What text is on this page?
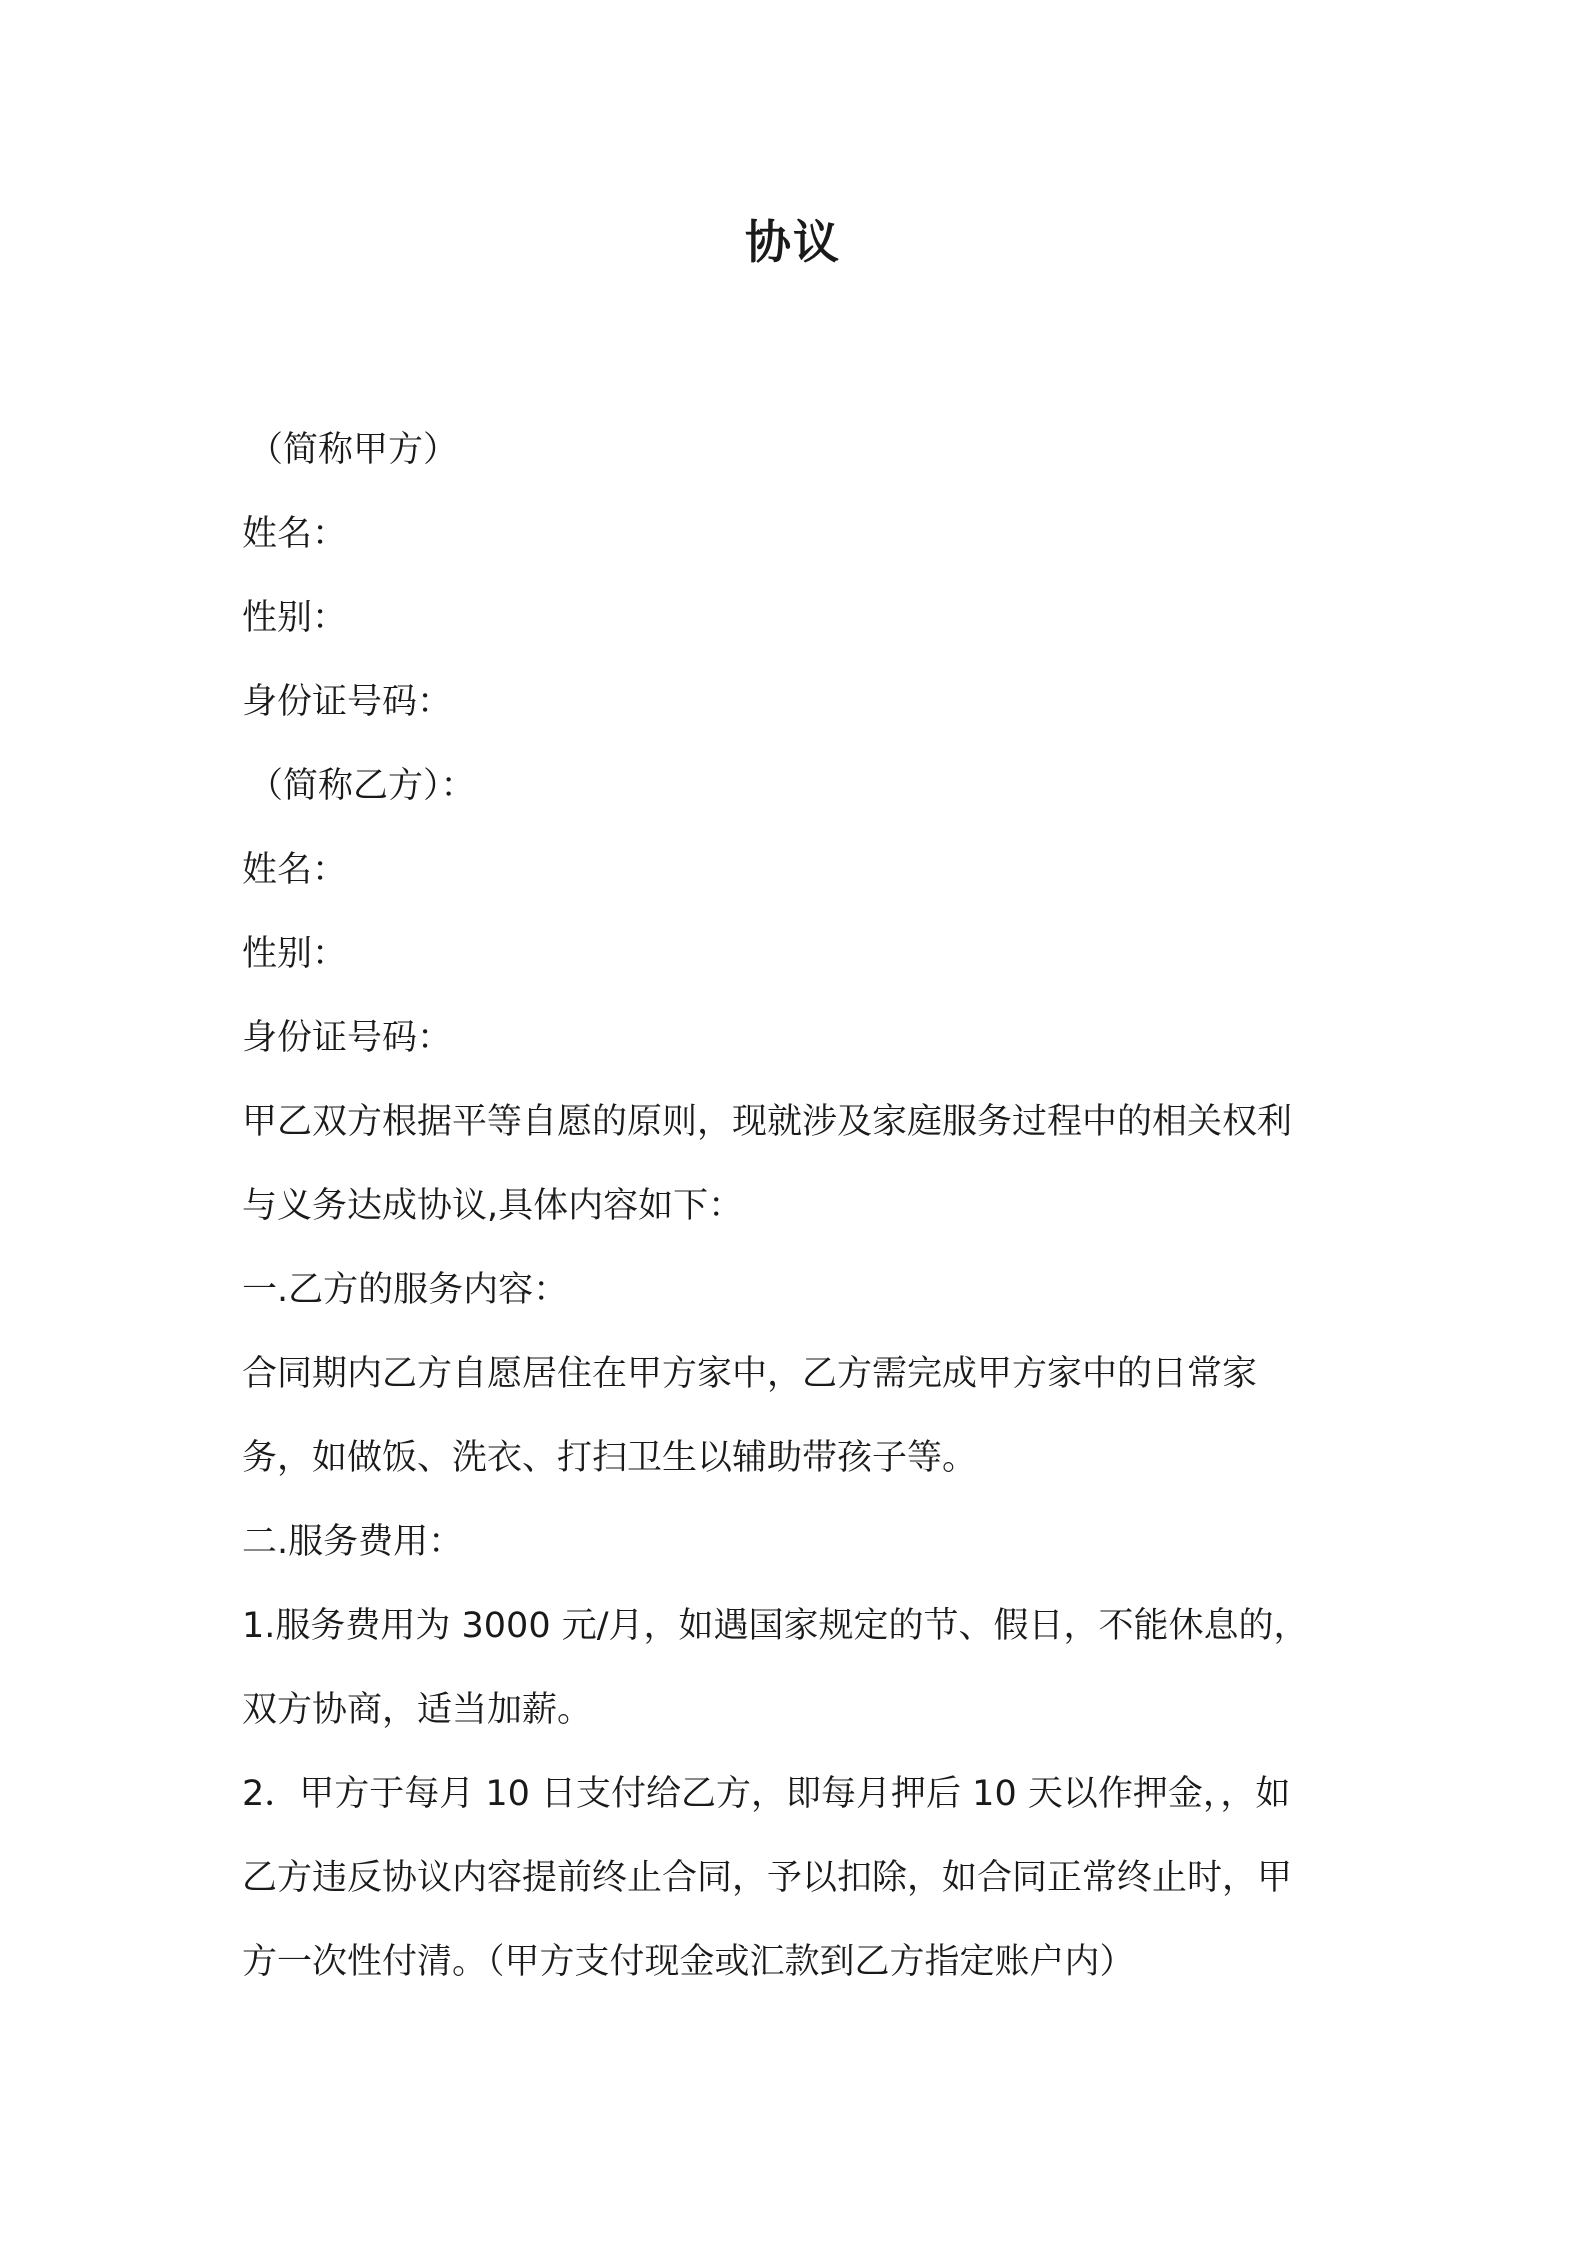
协议
（简称甲方）
姓名：
性别：
身份证号码：
（简称乙方）：
姓名：
性别：
身份证号码：
甲乙双方根据平等自愿的原则，现就涉及家庭服务过程中的相关权利
与义务达成协议,具体内容如下：
一.乙方的服务内容：
合同期内乙方自愿居住在甲方家中，乙方需完成甲方家中的日常家
务，如做饭、洗衣、打扫卫生以辅助带孩子等。
二.服务费用：
1.服务费用为 3000 元/月，如遇国家规定的节、假日，不能休息的，
双方协商，适当加薪。
2．甲方于每月 10 日支付给乙方，即每月押后 10 天以作押金，，如
乙方违反协议内容提前终止合同，予以扣除，如合同正常终止时，甲
方一次性付清。（甲方支付现金或汇款到乙方指定账户内）
